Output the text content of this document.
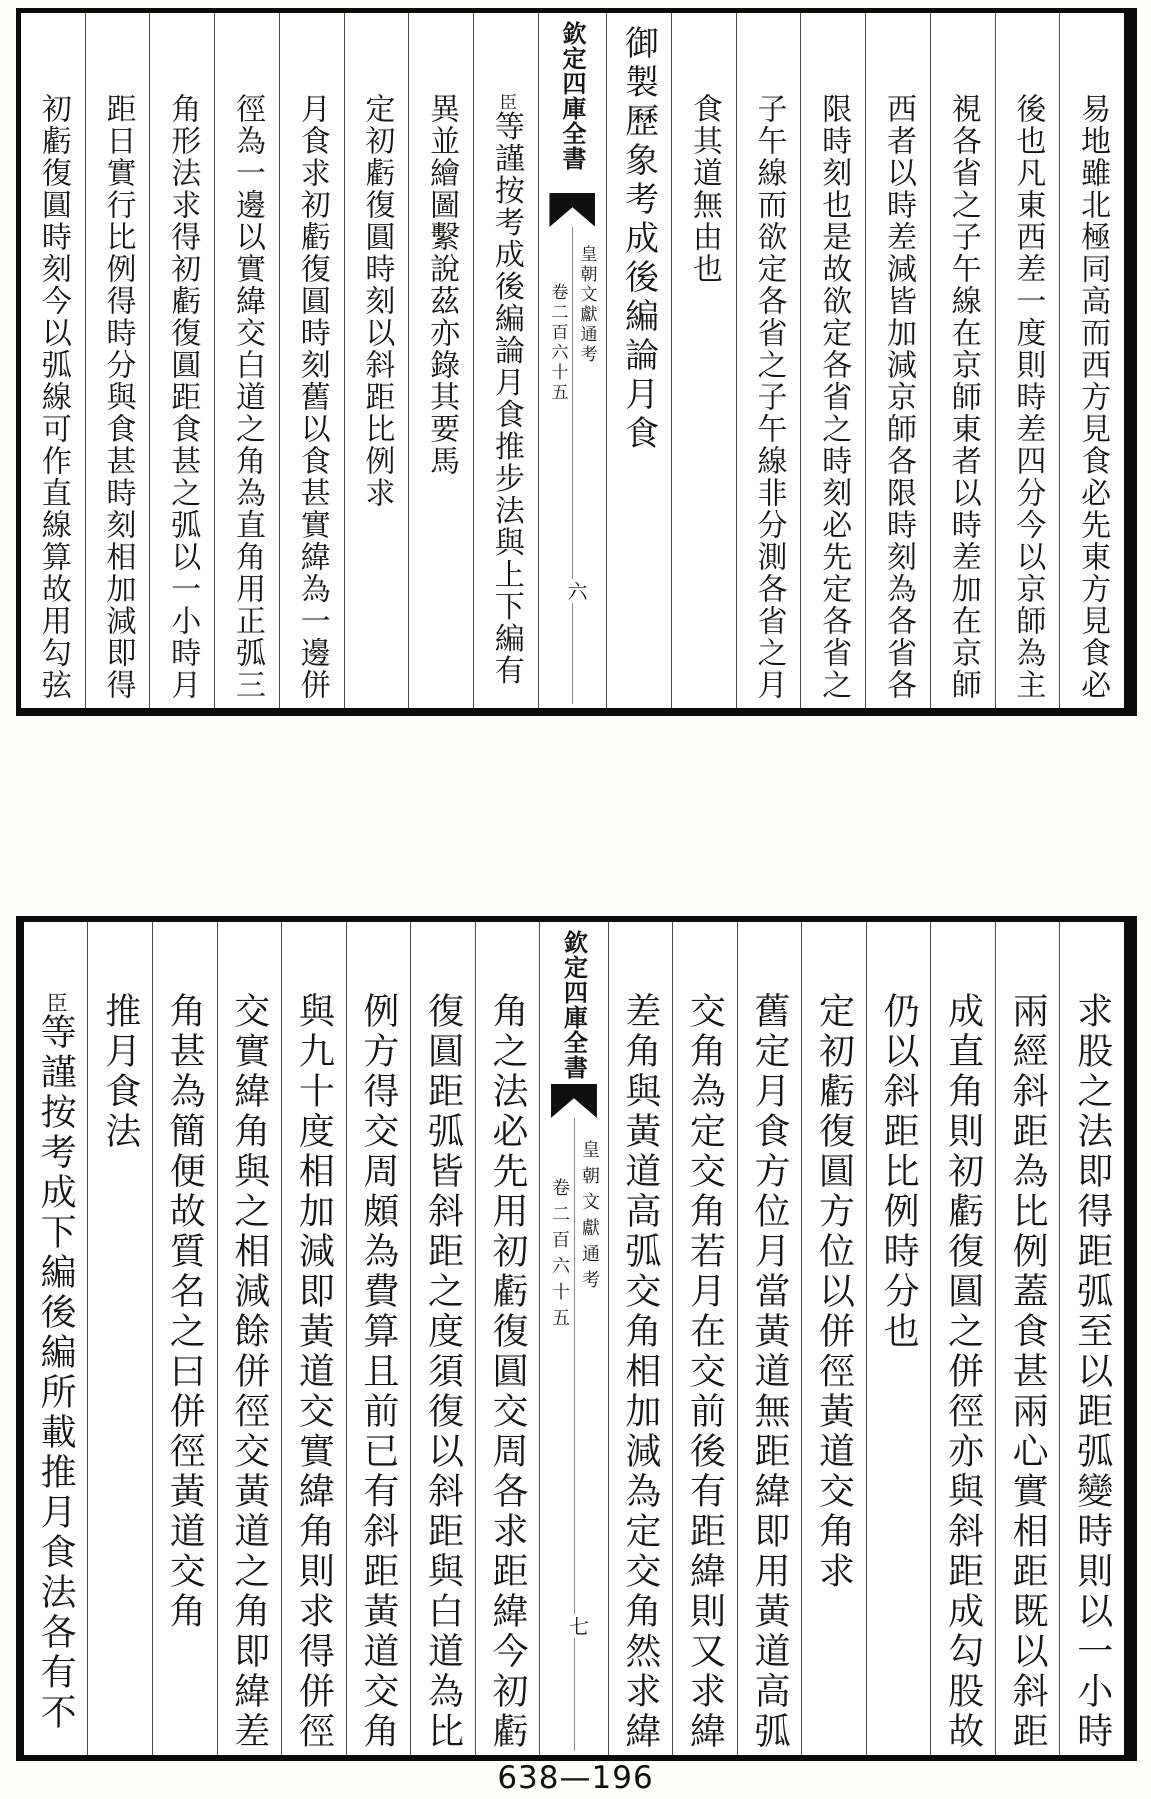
易地雖北極同高而西方見食必先東方見食必
後也凡東西差一度則時差四分今以京師為主
視各省之子午線在京師東者以時差加在京師
西者以時差減皆加減京師各限時刻為各省各
限時刻也是故欲定各省之時刻必先定各省之
子午線而欲定各省之子午線非分測各省之月
食其道無由也
御製歷象考成後編論月食
欽定四庫全書
卷二百六十五 皇朝文獻通考
六
臣等謹按考成後編論月食推步法與上下編有
異並繪圖繫說茲亦錄其要馬
定初虧復圓時刻以斜距比例求
月食求初虧復圓時刻舊以食甚實緯為一邊併
徑為一邊以實緯交白道之角為直角用正弧三
角形法求得初虧復圓距食甚之弧以一小時月
距日實行比例得時分與食甚時刻相加減即得
初虧復圓時刻今以弧線可作直線算故用勾弦
求股之法即得距弧至以距弧變時則以一小時
兩經斜距為比例蓋食甚兩心實相距既以斜距
成直角則初虧復圓之併徑亦與斜距成勾股故
仍以斜距比例時分也
定初虧復圓方位以併徑黃道交角求
舊定月食方位月當黃道無距緯即用黃道高弧
交角為定交角若月在交前後有距緯則又求緯
差角與黃道高弧交角相加減為定交角然求緯
欽定四庫全書
卷二百六十五 皇朝文獻通考
七
角之法必先用初虧復圓交周各求距緯今初虧
復圓距弧皆斜距之度須復以斜距與白道為比
例方得交周頗為費算且前已有斜距黃道交角
與九十度相加減即黃道交實緯角則求得併徑
交實緯角與之相減餘併徑交黃道之角即緯差
角甚為簡便故質名之曰併徑黃道交角
推月食法
臣等謹按考成下編後編所載推月食法各有不
638—196
